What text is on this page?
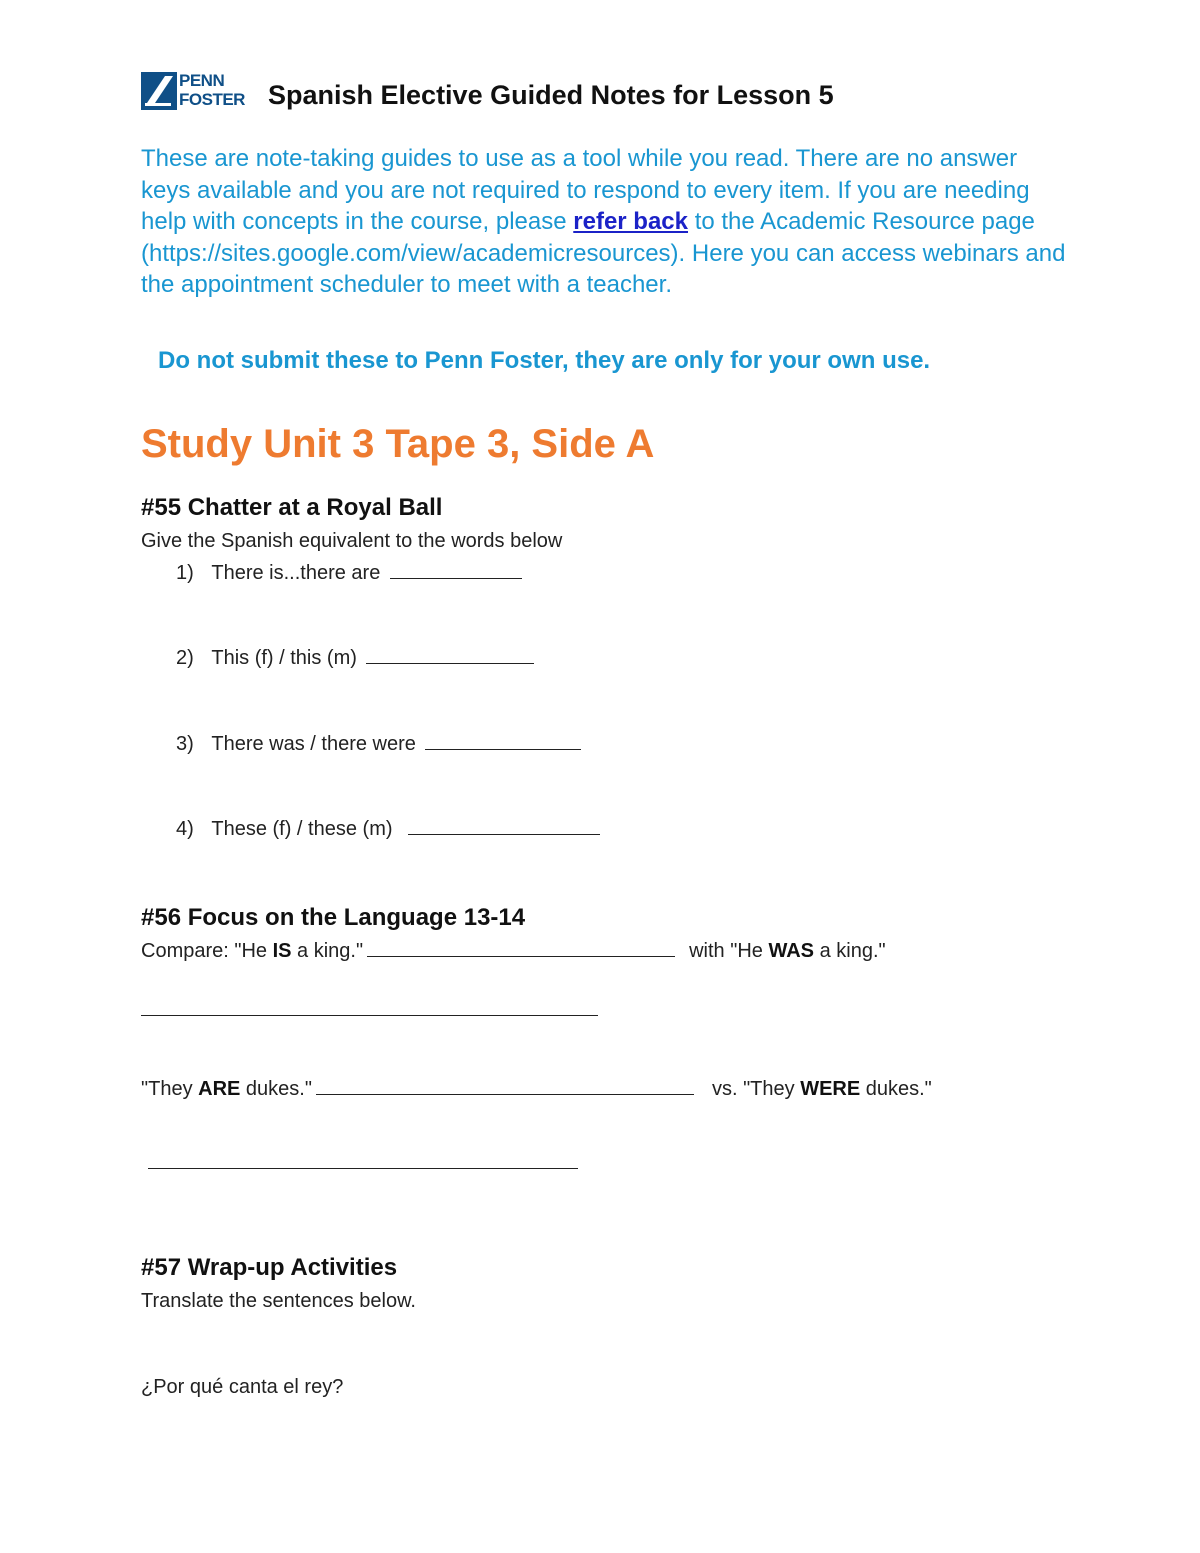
PENN
FOSTER Spanish Elective Guided Notes for Lesson 5
These are note-taking guides to use as a tool while you read. There are no answer keys available and you are not required to respond to every item. If you are needing help with concepts in the course, please refer back to the Academic Resource page (https://sites.google.com/view/academicresources). Here you can access webinars and the appointment scheduler to meet with a teacher.
Do not submit these to Penn Foster, they are only for your own use.
Study Unit 3 Tape 3, Side A
#55 Chatter at a Royal Ball
Give the Spanish equivalent to the words below
1) There is...there are
2) This (f) / this (m)
3) There was / there were
4) These (f) / these (m)
#56 Focus on the Language 13-14
Compare: "He IS a king."	with "He WAS a king."
"They ARE dukes."	vs. "They WERE dukes."
#57 Wrap-up Activities
Translate the sentences below.
¿Por qué canta el rey?
